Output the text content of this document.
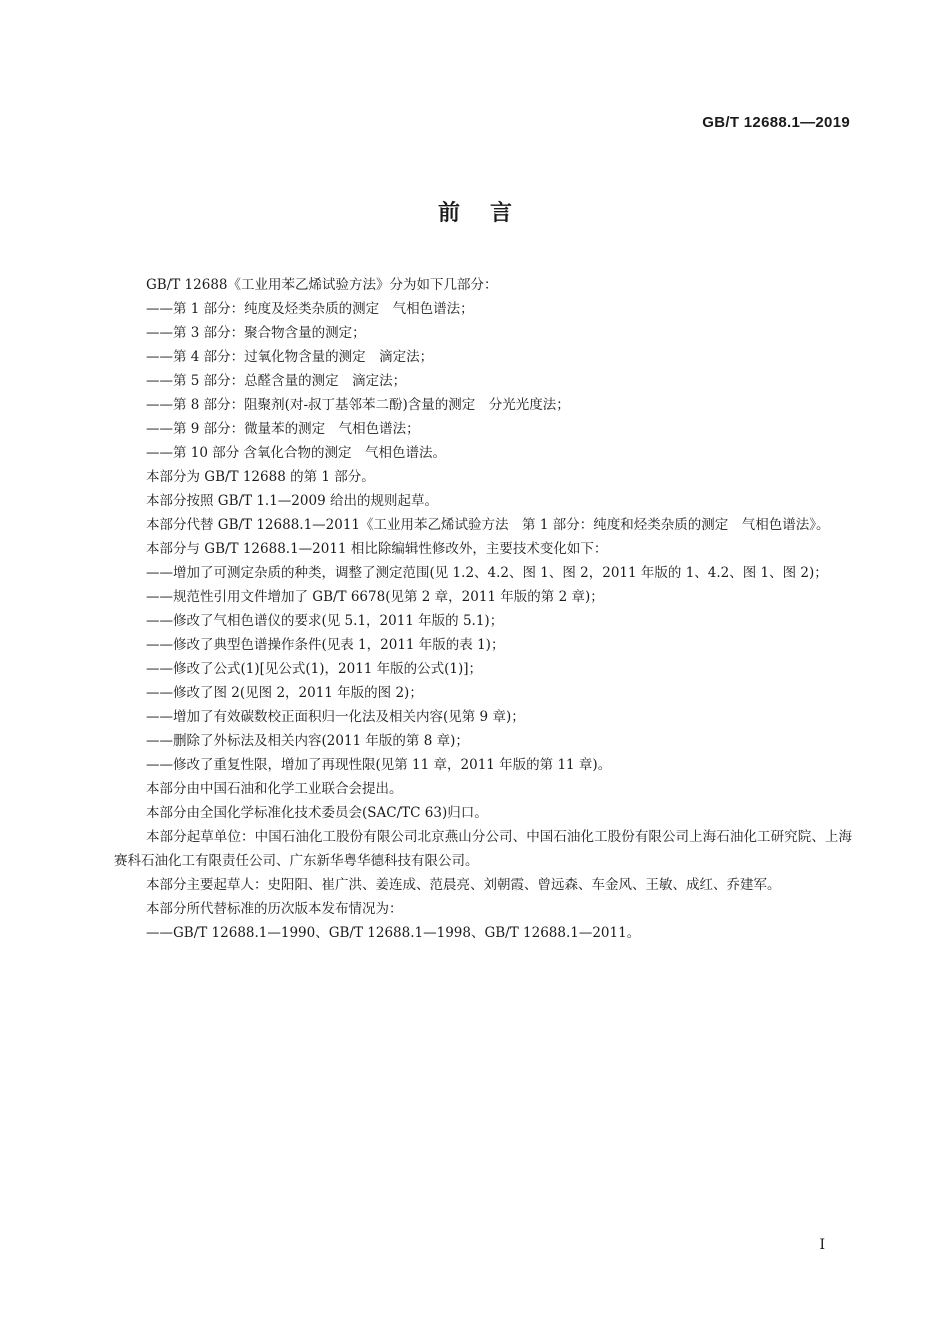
GB/T 12688.1—2019
前言

GB/T 12688《工业用苯乙烯试验方法》分为如下几部分：

——第 1 部分：纯度及烃类杂质的测定　气相色谱法；

——第 3 部分：聚合物含量的测定；

——第 4 部分：过氧化物含量的测定　滴定法；

——第 5 部分：总醛含量的测定　滴定法；

——第 8 部分：阻聚剂(对-叔丁基邻苯二酚)含量的测定　分光光度法；

——第 9 部分：微量苯的测定　气相色谱法；

——第 10 部分 含氧化合物的测定　气相色谱法。

本部分为 GB/T 12688 的第 1 部分。

本部分按照 GB/T 1.1—2009 给出的规则起草。

本部分代替 GB/T 12688.1—2011《工业用苯乙烯试验方法　第 1 部分：纯度和烃类杂质的测定　气相色谱法》。

本部分与 GB/T 12688.1—2011 相比除编辑性修改外，主要技术变化如下：

——增加了可测定杂质的种类，调整了测定范围(见 1.2、4.2、图 1、图 2，2011 年版的 1、4.2、图 1、图 2)；

——规范性引用文件增加了 GB/T 6678(见第 2 章，2011 年版的第 2 章)；

——修改了气相色谱仪的要求(见 5.1，2011 年版的 5.1)；

——修改了典型色谱操作条件(见表 1，2011 年版的表 1)；

——修改了公式(1)[见公式(1)，2011 年版的公式(1)]；

——修改了图 2(见图 2，2011 年版的图 2)；

——增加了有效碳数校正面积归一化法及相关内容(见第 9 章)；

——删除了外标法及相关内容(2011 年版的第 8 章)；

——修改了重复性限，增加了再现性限(见第 11 章，2011 年版的第 11 章)。

本部分由中国石油和化学工业联合会提出。

本部分由全国化学标准化技术委员会(SAC/TC 63)归口。

本部分起草单位：中国石油化工股份有限公司北京燕山分公司、中国石油化工股份有限公司上海石油化工研究院、上海赛科石油化工有限责任公司、广东新华粤华德科技有限公司。

本部分主要起草人：史阳阳、崔广洪、姜连成、范晨亮、刘朝霞、曾远森、车金风、王敏、成红、乔建军。

本部分所代替标准的历次版本发布情况为：

——GB/T 12688.1—1990、GB/T 12688.1—1998、GB/T 12688.1—2011。

I
